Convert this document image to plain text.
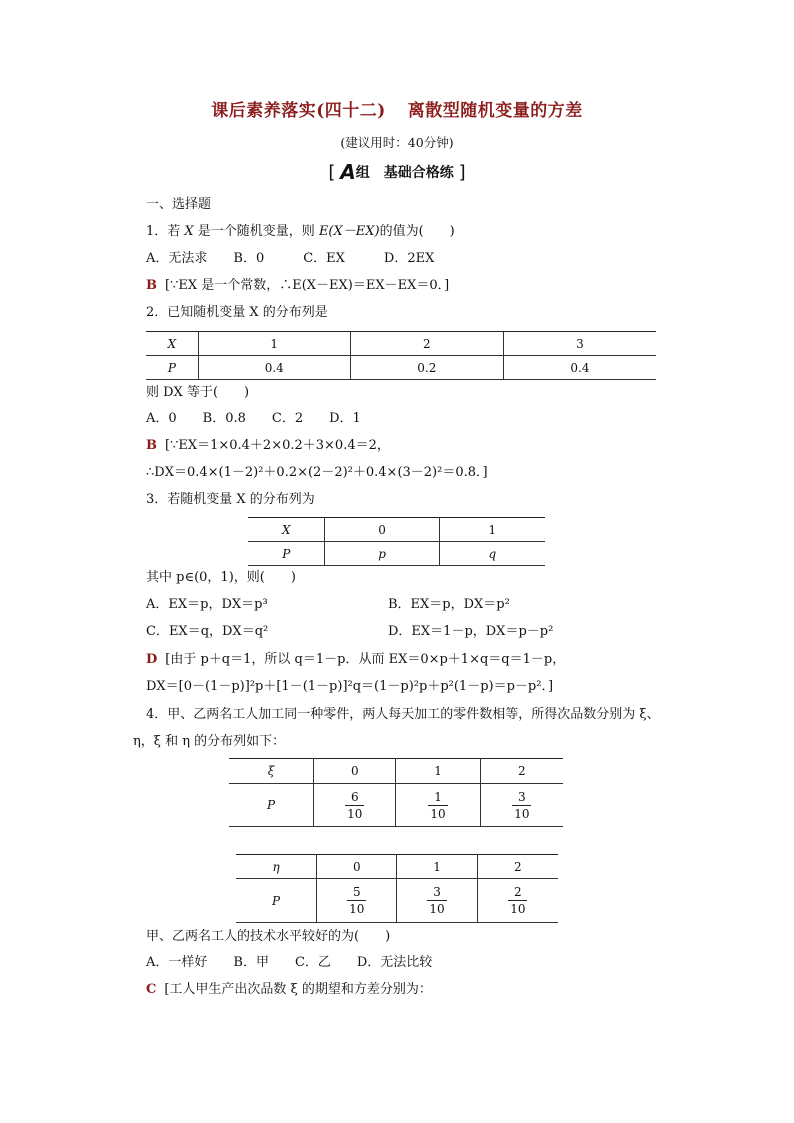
课后素养落实(四十二) 离散型随机变量的方差
(建议用时：40分钟)
[ A组　基础合格练 ]
一、选择题
1．若 X 是一个随机变量，则 E(X－EX)的值为(　　)
A．无法求　　B．0　　　C．EX　　　D．2EX
B [∵EX 是一个常数，∴E(X－EX)＝EX－EX＝0．]
2．已知随机变量 X 的分布列是
X	1	2	3
P	0.4	0.2	0.4
则 DX 等于(　　)
A．0　　B．0.8　　C．2　　D．1
B [∵EX＝1×0.4＋2×0.2＋3×0.4＝2，
∴DX＝0.4×(1－2)²＋0.2×(2－2)²＋0.4×(3－2)²＝0.8．]
3．若随机变量 X 的分布列为
X	0	1
P	p	q
其中 p∈(0，1)，则(　　)
A．EX＝p，DX＝p³	B．EX＝p，DX＝p²
C．EX＝q，DX＝q²	D．EX＝1－p，DX＝p－p²
D [由于 p＋q＝1，所以 q＝1－p．从而 EX＝0×p＋1×q＝q＝1－p，
DX＝[0－(1－p)]²p＋[1－(1－p)]²q＝(1－p)²p＋p²(1－p)＝p－p²．]
4．甲、乙两名工人加工同一种零件，两人每天加工的零件数相等，所得次品数分别为 ξ、
η，ξ 和 η 的分布列如下：
ξ	0	1	2
P	$\frac{6}{10}$	$\frac{1}{10}$	$\frac{3}{10}$
η	0	1	2
P	$\frac{5}{10}$	$\frac{3}{10}$	$\frac{2}{10}$
甲、乙两名工人的技术水平较好的为(　　)
A．一样好　　B．甲　　C．乙　　D．无法比较
C [工人甲生产出次品数 ξ 的期望和方差分别为：
